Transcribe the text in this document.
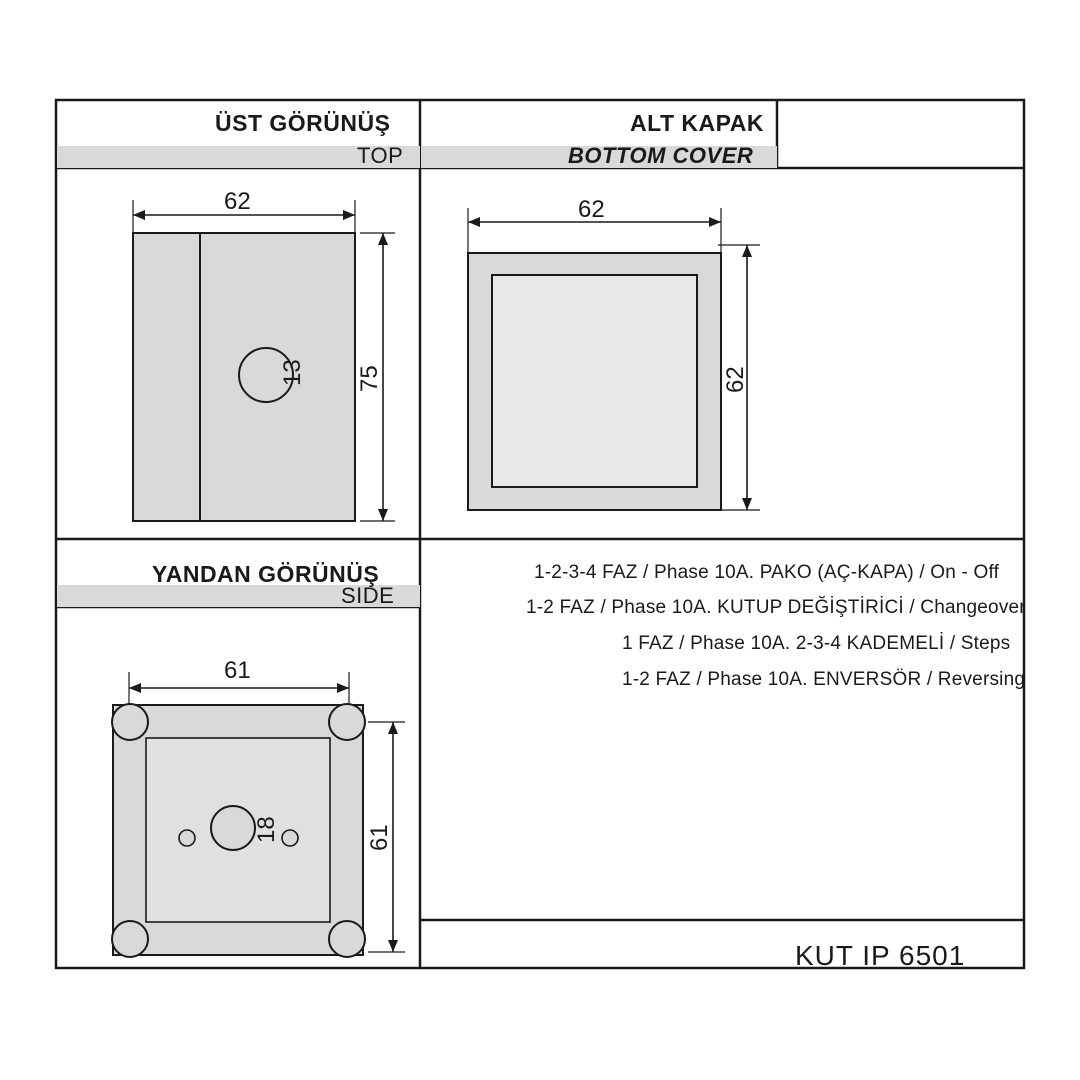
ÜST GÖRÜNÜŞ
TOP
ALT KAPAK
BOTTOM COVER
YANDAN GÖRÜNÜŞ
SIDE
62
75
13
62
62
61
61
18
1-2-3-4 FAZ / Phase 10A. PAKO (AÇ-KAPA) / On - Off
1-2 FAZ / Phase 10A. KUTUP DEĞİŞTİRİCİ / Changeover
1 FAZ / Phase 10A. 2-3-4 KADEMELİ / Steps
1-2 FAZ / Phase 10A. ENVERSÖR / Reversing
KUT IP 6501
